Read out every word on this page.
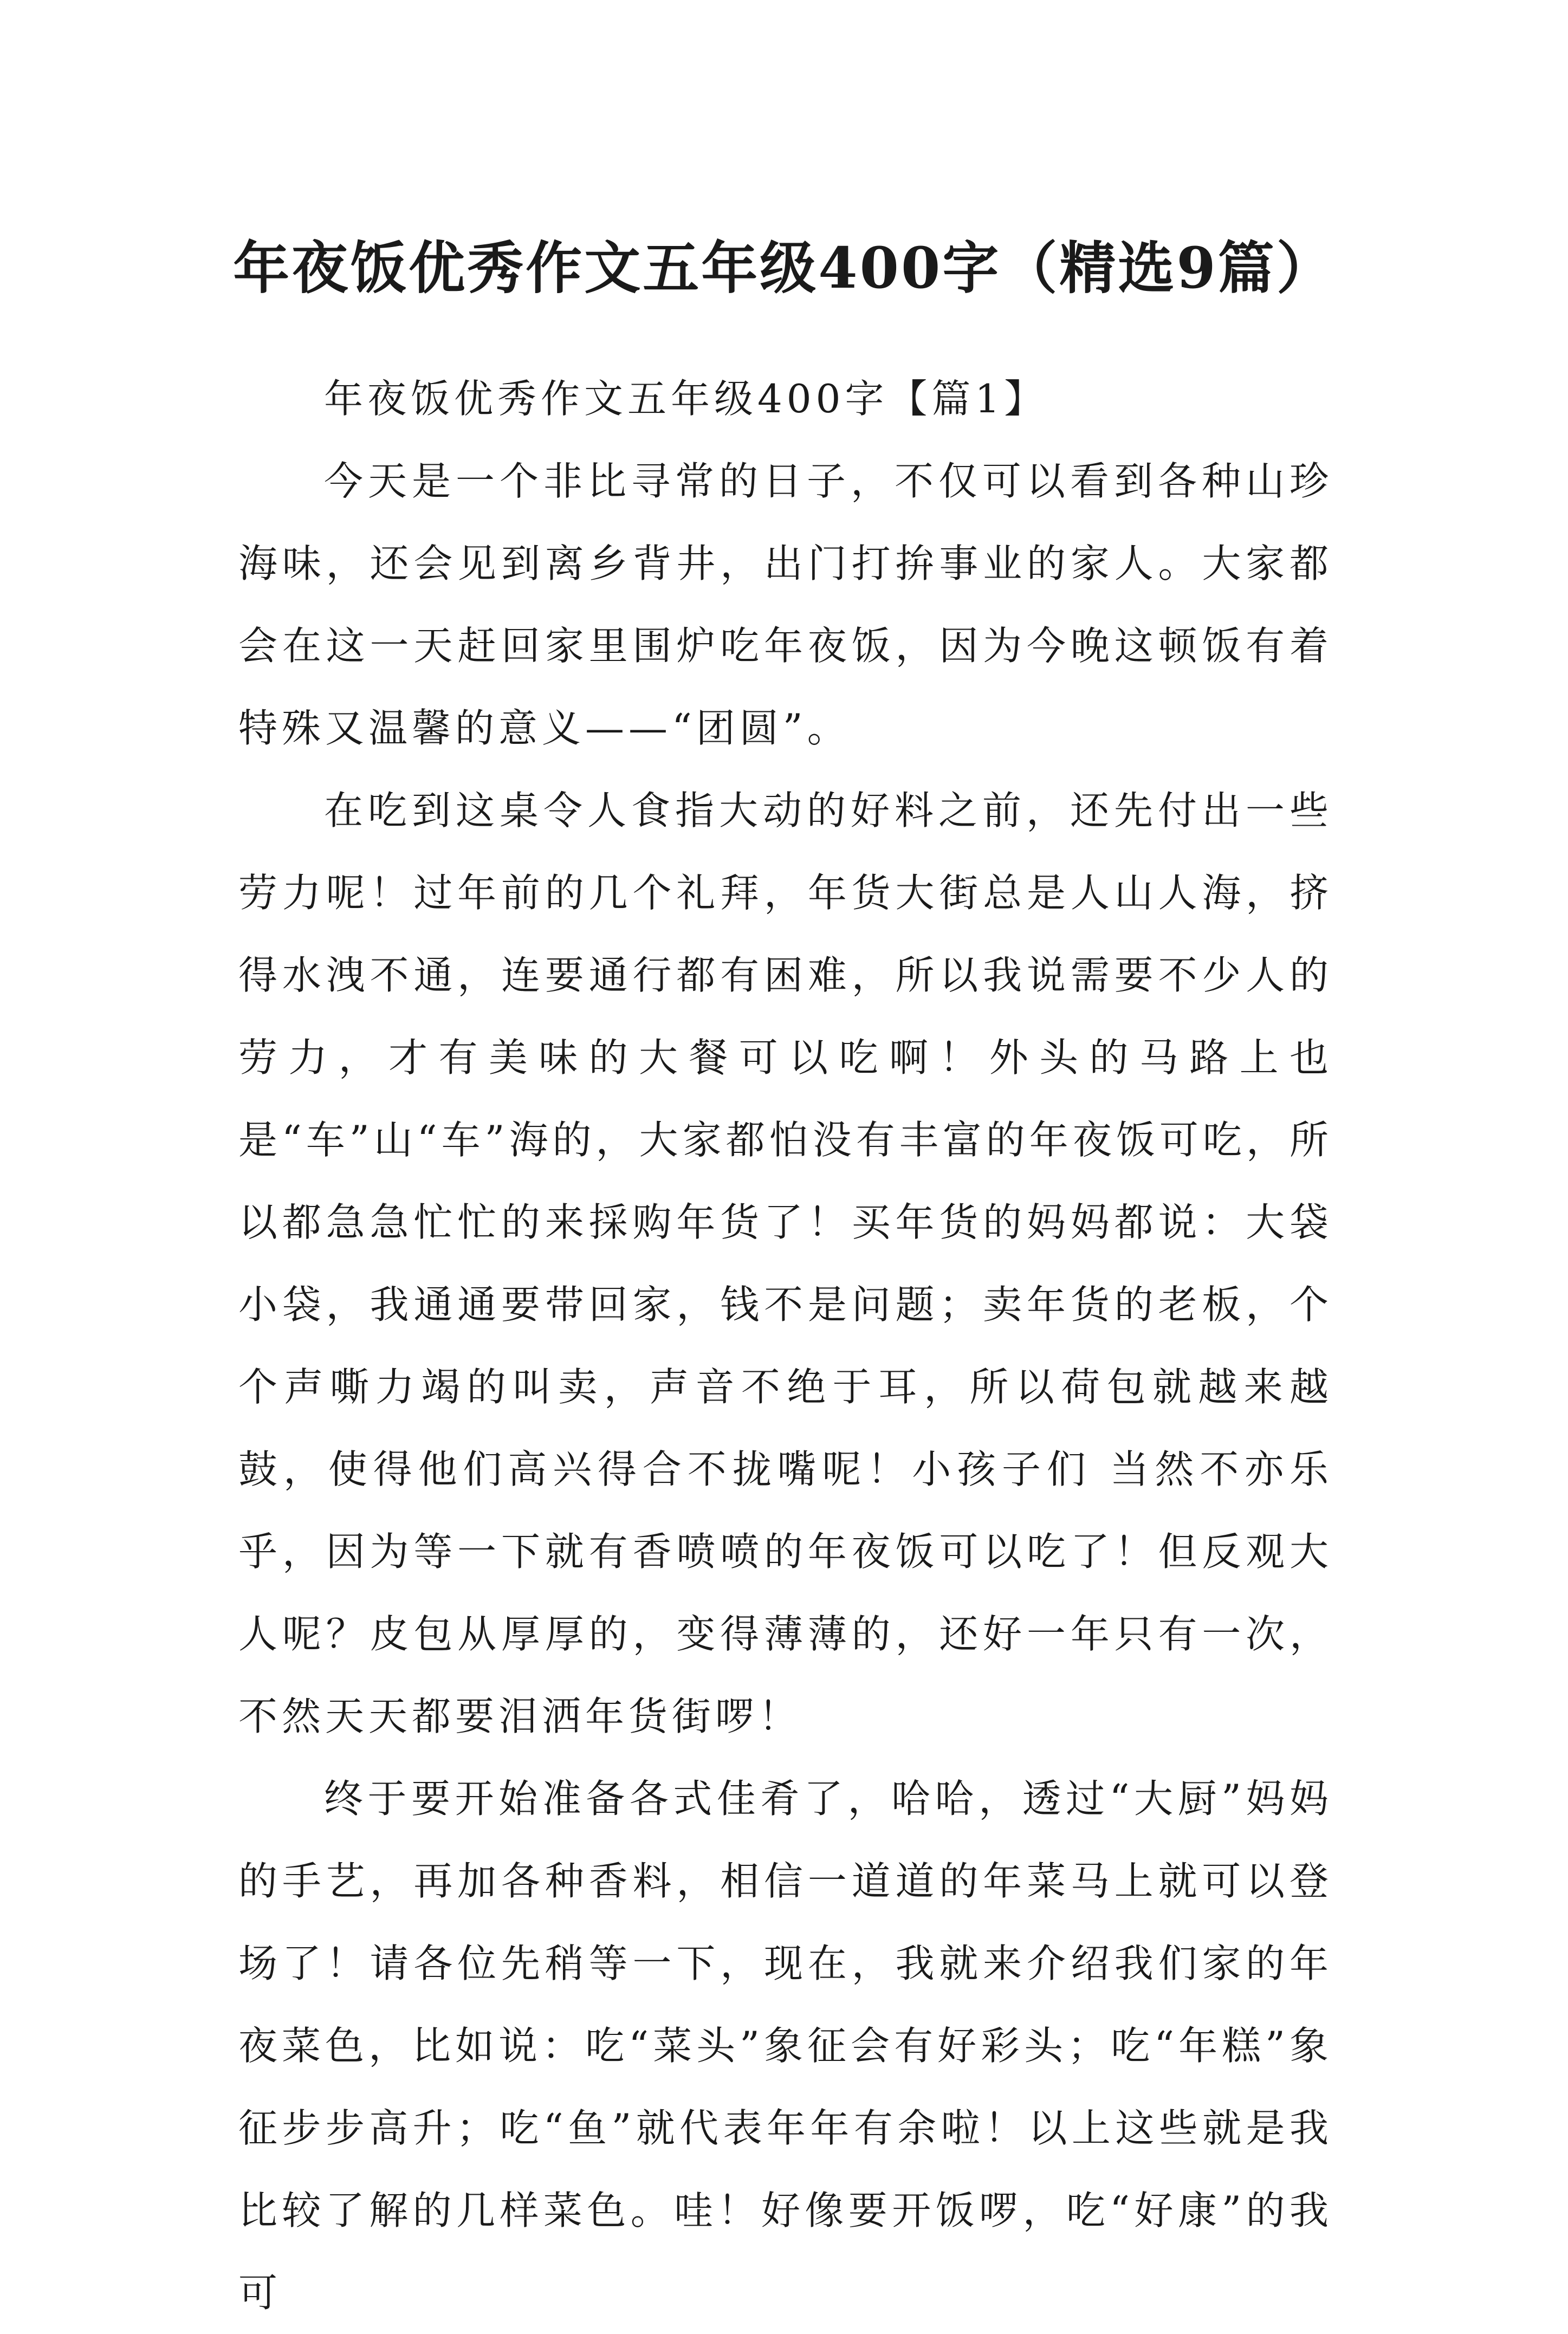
年夜饭优秀作文五年级400字（精选9篇）

年夜饭优秀作文五年级400字【篇1】

今天是一个非比寻常的日子，不仅可以看到各种山珍海味，还会见到离乡背井，出门打拚事业的家人。大家都会在这一天赶回家里围炉吃年夜饭，因为今晚这顿饭有着特殊又温馨的意义——“团圆”。

在吃到这桌令人食指大动的好料之前，还先付出一些劳力呢！过年前的几个礼拜，年货大街总是人山人海，挤得水洩不通，连要通行都有困难，所以我说需要不少人的劳力，才有美味的大餐可以吃啊！外头的马路上也是“车”山“车”海的，大家都怕没有丰富的年夜饭可吃，所以都急急忙忙的来採购年货了！买年货的妈妈都说：大袋小袋，我通通要带回家，钱不是问题；卖年货的老板，个个声嘶力竭的叫卖，声音不绝于耳，所以荷包就越来越鼓，使得他们高兴得合不拢嘴呢！小孩子们 当然不亦乐乎，因为等一下就有香喷喷的年夜饭可以吃了！但反观大人呢？皮包从厚厚的，变得薄薄的，还好一年只有一次，不然天天都要泪洒年货街啰！

终于要开始准备各式佳肴了，哈哈，透过“大厨”妈妈的手艺，再加各种香料，相信一道道的年菜马上就可以登场了！请各位先稍等一下，现在，我就来介绍我们家的年夜菜色，比如说：吃“菜头”象征会有好彩头；吃“年糕”象征步步高升；吃“鱼”就代表年年有余啦！以上这些就是我比较了解的几样菜色。哇！好像要开饭啰，吃“好康”的我可
